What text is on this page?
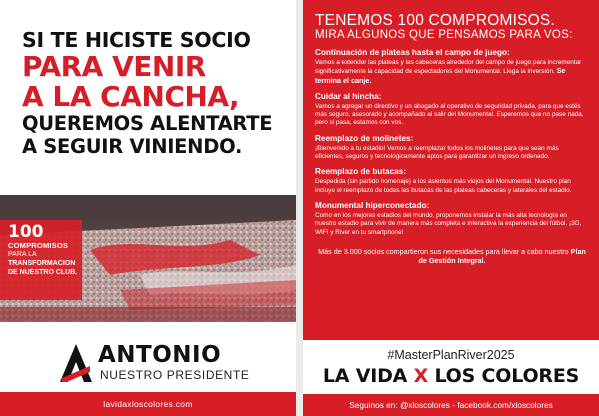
SI TE HICISTE SOCIO
PARA VENIR
A LA CANCHA,
QUEREMOS ALENTARTE
A SEGUIR VINIENDO.
100
COMPROMISOS
PARA LA
TRANSFORMACION
DE NUESTRO CLUB.
ANTONIO
NUESTRO PRESIDENTE
lavidaxloscolores.com
TENEMOS 100 COMPROMISOS.
MIRA ALGUNOS QUE PENSAMOS PARA VOS:
Continuación de plateas hasta el campo de juego:

Vamos a extender las plateas y las cabeceras alrededor del campo de juego para incrementar significativamente la capacidad de espectadores del Monumental. Llega la inversión. Se termina el canje.

Cuidar al hincha:

Vamos a agregar un directivo y un abogado al operativo de seguridad privada, para que estés más seguro, asesorado y acompañado al salir del Monumental. Esperemos que no pase nada, pero si pasa, estamos con vos.

Reemplazo de molinetes:

¡Bienvenido a tu estadio! Vamos a reemplazar todos los molinetes para que sean más eficientes, seguros y tecnológicamente aptos para garantizar un ingreso ordenado.

Reemplazo de butacas:

Despedida (sin partido homenaje) a los asientos más viejos del Monumental. Nuestro plan incluye el reemplazo de todas las butacas de las plateas cabeceras y laterales del estadio.

Monumental hiperconectado:

Como en los mejores estadios del mundo, proponemos instalar la más alta tecnología en nuestro estadio para vivir de manera más completa e interactiva la experiencia del fútbol. ¡3G, WIFI y River en tu smartphone!

Más de 3.000 socios compartieron sus necesidades para llevar a cabo nuestro Plan de Gestión Integral.
#MasterPlanRiver2025
LA VIDA X LOS COLORES
Seguinos en: @xloscolores - facebook.com/xloscolores
